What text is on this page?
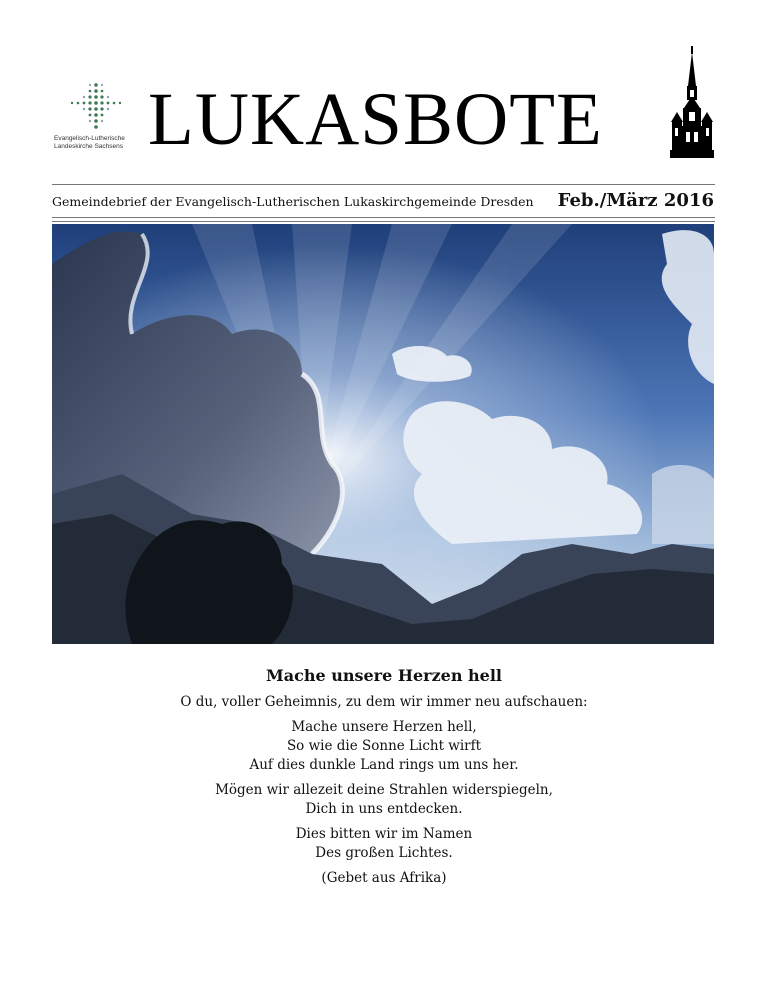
Evangelisch-Lutherische
Landeskirche Sachsens LUKASBOTE
Gemeindebrief der Evangelisch-Lutherischen Lukaskirchgemeinde Dresden Feb./März 2016
Mache unsere Herzen hell
O du, voller Geheimnis, zu dem wir immer neu aufschauen:
Mache unsere Herzen hell,
So wie die Sonne Licht wirft
Auf dies dunkle Land rings um uns her.
Mögen wir allezeit deine Strahlen widerspiegeln,
Dich in uns entdecken.
Dies bitten wir im Namen
Des großen Lichtes.
(Gebet aus Afrika)
